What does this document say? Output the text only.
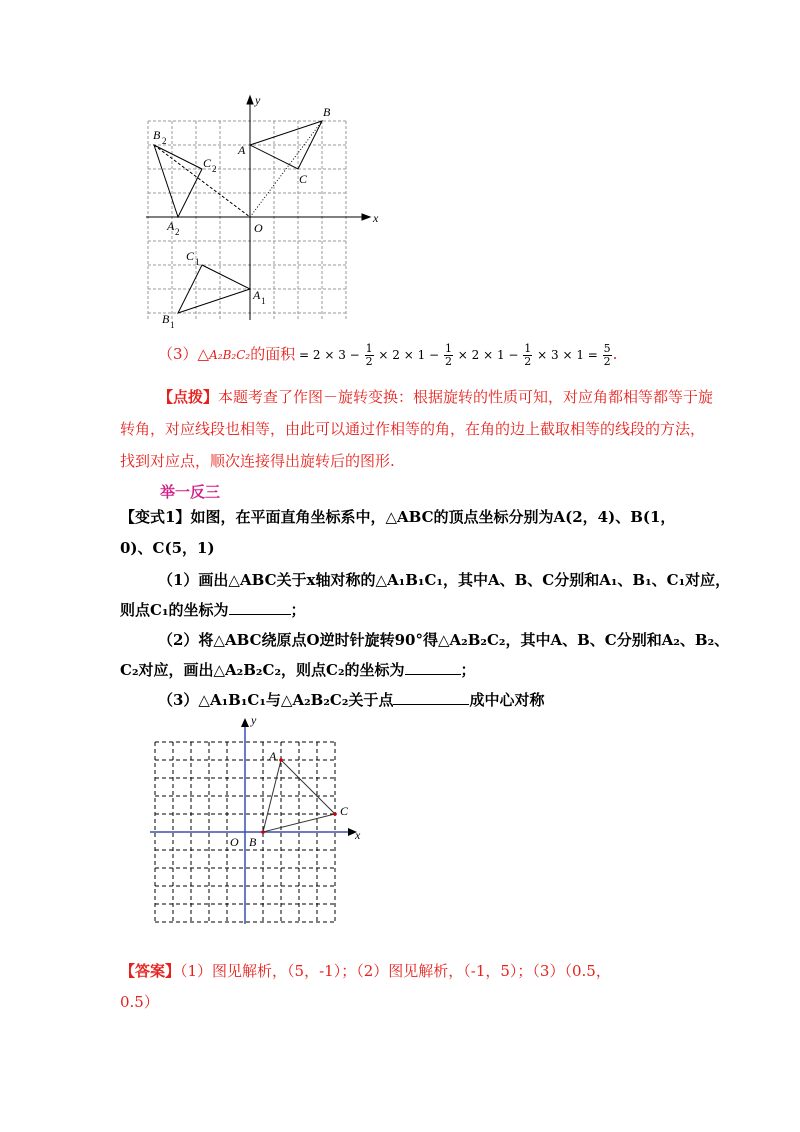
x
y
O
A
B
C
B 2
C 2
A 2
C 1
A 1
B 1
（3）△A₂B₂C₂的面积 = $2 \times 3 - \frac{1}{2} \times 2 \times 1 - \frac{1}{2} \times 2 \times 1 - \frac{1}{2} \times 3 \times 1 = \frac{5}{2}$ .
【点拨】本题考查了作图－旋转变换：根据旋转的性质可知，对应角都相等都等于旋
转角，对应线段也相等，由此可以通过作相等的角，在角的边上截取相等的线段的方法，
找到对应点，顺次连接得出旋转后的图形.
举一反三
【变式1】如图，在平面直角坐标系中，△ABC的顶点坐标分别为A(2，4)、B(1，
0)、C(5，1)
（1）画出△ABC关于x轴对称的△A₁B₁C₁，其中A、B、C分别和A₁、B₁、C₁对应，
则点C₁的坐标为	；
（2）将△ABC绕原点O逆时针旋转90°得△A₂B₂C₂，其中A、B、C分别和A₂、B₂、
C₂对应，画出△A₂B₂C₂，则点C₂的坐标为	；
（3）△A₁B₁C₁与△A₂B₂C₂关于点	成中心对称
x
y
O B
A
C
【答案】（1）图见解析，（5，-1）；（2）图见解析，（-1，5）；（3）（0.5，
0.5）
